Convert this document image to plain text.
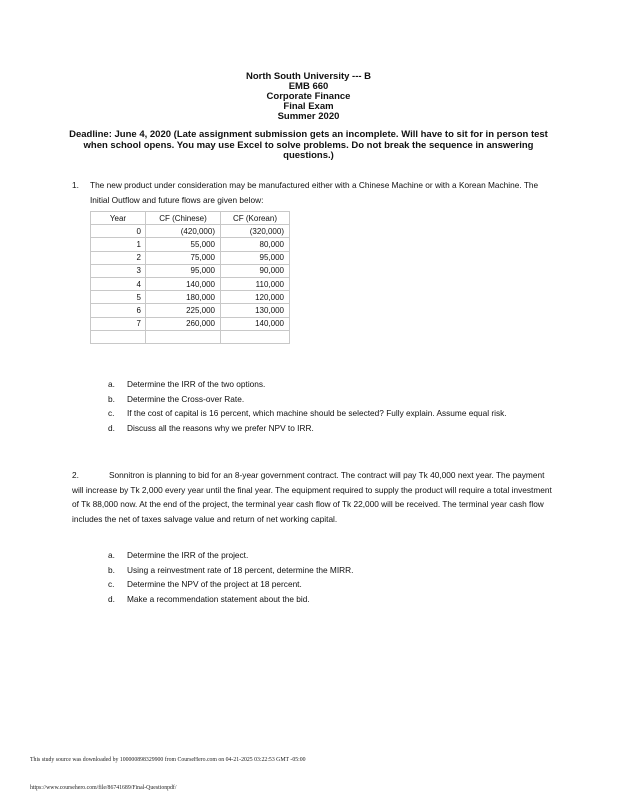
North South University --- B
EMB 660
Corporate Finance
Final Exam
Summer 2020
Deadline: June 4, 2020 (Late assignment submission gets an incomplete. Will have to sit for in person test when school opens. You may use Excel to solve problems. Do not break the sequence in answering questions.)
1. The new product under consideration may be manufactured either with a Chinese Machine or with a Korean Machine. The Initial Outflow and future flows are given below:
Year	CF (Chinese)	CF (Korean)
0	(420,000)	(320,000)
1	55,000	80,000
2	75,000	95,000
3	95,000	90,000
4	140,000	110,000
5	180,000	120,000
6	225,000	130,000
7	260,000	140,000

a. Determine the IRR of the two options.
b. Determine the Cross-over Rate.
c. If the cost of capital is 16 percent, which machine should be selected? Fully explain. Assume equal risk.
d. Discuss all the reasons why we prefer NPV to IRR.
2.	Sonnitron is planning to bid for an 8-year government contract. The contract will pay Tk 40,000 next year. The payment will increase by Tk 2,000 every year until the final year. The equipment required to supply the product will require a total investment of Tk 88,000 now. At the end of the project, the terminal year cash flow of Tk 22,000 will be received. The terminal year cash flow includes the net of taxes salvage value and return of net working capital.
a. Determine the IRR of the project.
b. Using a reinvestment rate of 18 percent, determine the MIRR.
c. Determine the NPV of the project at 18 percent.
d. Make a recommendation statement about the bid.
This study source was downloaded by 100000898329900 from CourseHero.com on 04-21-2025 03:22:53 GMT -05:00
https://www.coursehero.com/file/86741689/Final-Questionpdf/
